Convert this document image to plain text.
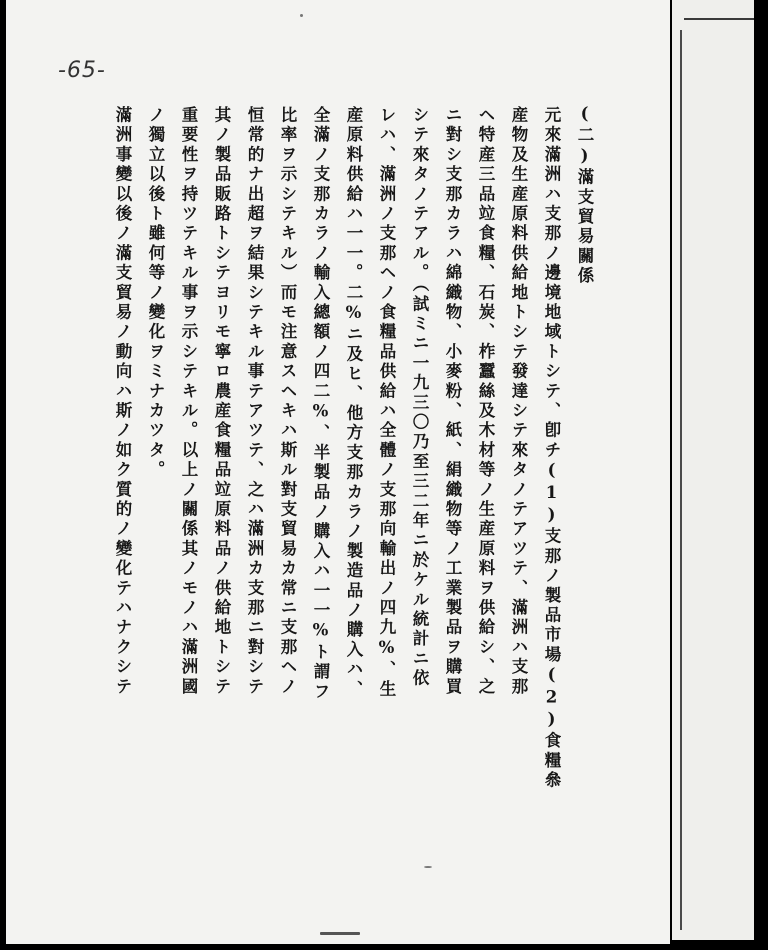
-65-
(二)滿支貿易關係
元來滿洲ハ支那ノ邊境地域トシテ、卽チ(1)支那ノ製品市場(2)食糧叅
産物及生産原料供給地トシテ發達シテ來タノテアツテ、滿洲ハ支那
ヘ特産三品竝食糧、石炭、柞蠶絲及木材等ノ生産原料ヲ供給シ、之
ニ對シ支那カラハ綿織物、小麥粉、紙、絹織物等ノ工業製品ヲ購買
シテ來タノテアル。（試ミニ一九三〇乃至三二年ニ於ケル統計ニ依
レハ、滿洲ノ支那ヘノ食糧品供給ハ全體ノ支那向輸出ノ四九%、生
産原料供給ハ一一。二%ニ及ヒ、他方支那カラノ製造品ノ購入ハ、
全滿ノ支那カラノ輸入總額ノ四二%、半製品ノ購入ハ一一%ト謂フ
比率ヲ示シテキル）而モ注意スヘキハ斯ル對支貿易カ常ニ支那ヘノ
恒常的ナ出超ヲ結果シテキル事テアツテ、之ハ滿洲カ支那ニ對シテ
其ノ製品販路トシテヨリモ寧ロ農産食糧品竝原料品ノ供給地トシテ
重要性ヲ持ツテキル事ヲ示シテキル。以上ノ關係其ノモノハ滿洲國
ノ獨立以後ト雖何等ノ變化ヲミナカツタ。
滿洲事變以後ノ滿支貿易ノ動向ハ斯ノ如ク質的ノ變化テハナクシテ
